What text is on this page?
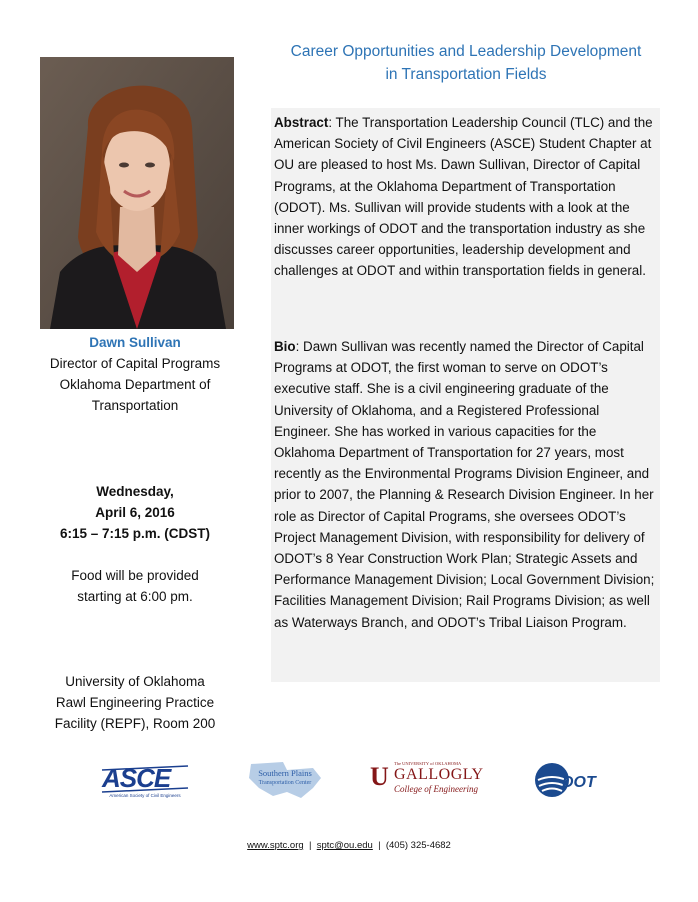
Career Opportunities and Leadership Development
in Transportation Fields
Dawn Sullivan
Director of Capital Programs
Oklahoma Department of
Transportation
Wednesday,
April 6, 2016
6:15 – 7:15 p.m. (CDST)
Food will be provided
starting at 6:00 pm.
University of Oklahoma
Rawl Engineering Practice
Facility (REPF), Room 200

Abstract: The Transportation Leadership Council (TLC) and the American Society of Civil Engineers (ASCE) Student Chapter at OU are pleased to host Ms. Dawn Sullivan, Director of Capital Programs, at the Oklahoma Department of Transportation (ODOT). Ms. Sullivan will provide students with a look at the inner workings of ODOT and the transportation industry as she discusses career opportunities, leadership development and challenges at ODOT and within transportation fields in general.

Bio: Dawn Sullivan was recently named the Director of Capital Programs at ODOT, the first woman to serve on ODOT’s executive staff. She is a civil engineering graduate of the University of Oklahoma, and a Registered Professional Engineer. She has worked in various capacities for the Oklahoma Department of Transportation for 27 years, most recently as the Environmental Programs Division Engineer, and prior to 2007, the Planning & Research Division Engineer. In her role as Director of Capital Programs, she oversees ODOT’s Project Management Division, with responsibility for delivery of ODOT’s 8 Year Construction Work Plan; Strategic Assets and Performance Management Division; Local Government Division; Facilities Management Division; Rail Programs Division; as well as Waterways Branch, and ODOT’s Tribal Liaison Program.

ASCE
American Society of Civil Engineers
Southern Plains
Transportation Center	U	The UNIVERSITY of OKLAHOMA
GALLOGLY
College of Engineering	DOT
www.sptc.org  |  sptc@ou.edu  |  (405) 325-4682
